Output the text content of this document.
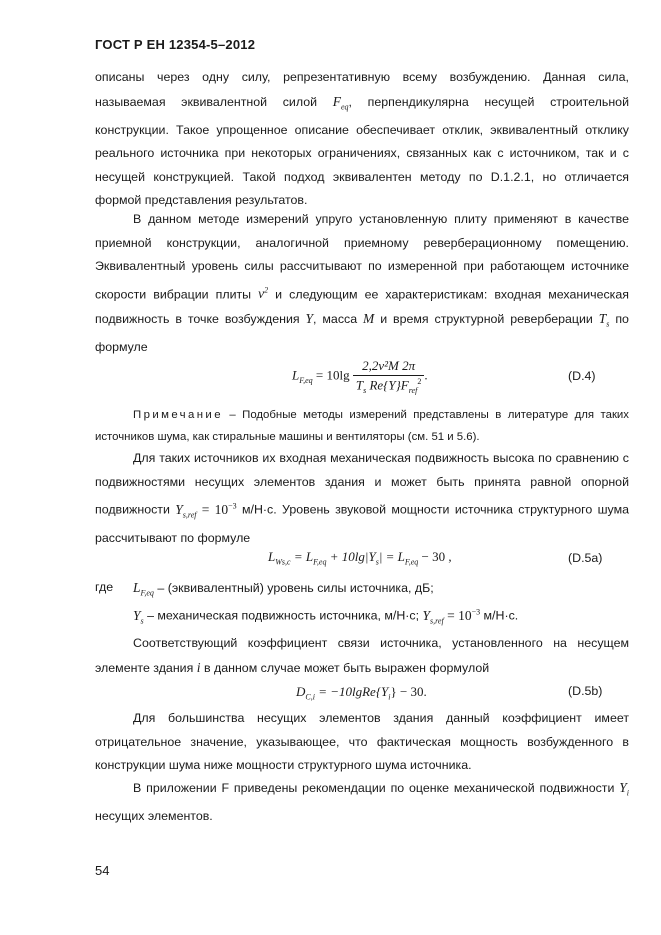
ГОСТ Р ЕН 12354-5–2012
описаны через одну силу, репрезентативную всему возбуждению. Данная сила, называемая эквивалентной силой $F_{eq}$, перпендикулярна несущей строительной конструкции. Такое упрощенное описание обеспечивает отклик, эквивалентный отклику реального источника при некоторых ограничениях, связанных как с источником, так и с несущей конструкцией. Такой подход эквивалентен методу по D.1.2.1, но отличается формой представления результатов.
В данном методе измерений упруго установленную плиту применяют в качестве приемной конструкции, аналогичной приемному реверберационному помещению. Эквивалентный уровень силы рассчитывают по измеренной при работающем источнике скорости вибрации плиты $v^2$ и следующим ее характеристикам: входная механическая подвижность в точке возбуждения Y, масса M и время структурной реверберации $T_s$ по формуле
$L_{F,eq} = 10\lg \frac{\text{2,2v²M 2π}}{T_s Re\{Y\}F_{ref}^2}$ .	(D.4)
Примечание – Подобные методы измерений представлены в литературе для таких источников шума, как стиральные машины и вентиляторы (см. 51 и 5.6).
Для таких источников их входная механическая подвижность высока по сравнению с подвижностями несущих элементов здания и может быть принята равной опорной подвижности $Y_{s,ref} = 10^{-3}$ м/Н·с. Уровень звуковой мощности источника структурного шума рассчитывают по формуле
$L_{Ws,c} = L_{F,eq} + 10\lg|Y_s| = L_{F,eq} - 30$ ,	(D.5a)
где $L_{F,eq}$ – (эквивалентный) уровень силы источника, дБ;
$Y_s$ – механическая подвижность источника, м/Н·с; $Y_{s,ref} = 10^{-3}$ м/Н·с.
Соответствующий коэффициент связи источника, установленного на несущем элементе здания i в данном случае может быть выражен формулой
$D_{C,i}$ = $-10lgRe\{Y_i\} - 30$.	(D.5b)
Для большинства несущих элементов здания данный коэффициент имеет отрицательное значение, указывающее, что фактическая мощность возбужденного в конструкции шума ниже мощности структурного шума источника.
В приложении F приведены рекомендации по оценке механической подвижности $Y_i$ несущих элементов.
54
